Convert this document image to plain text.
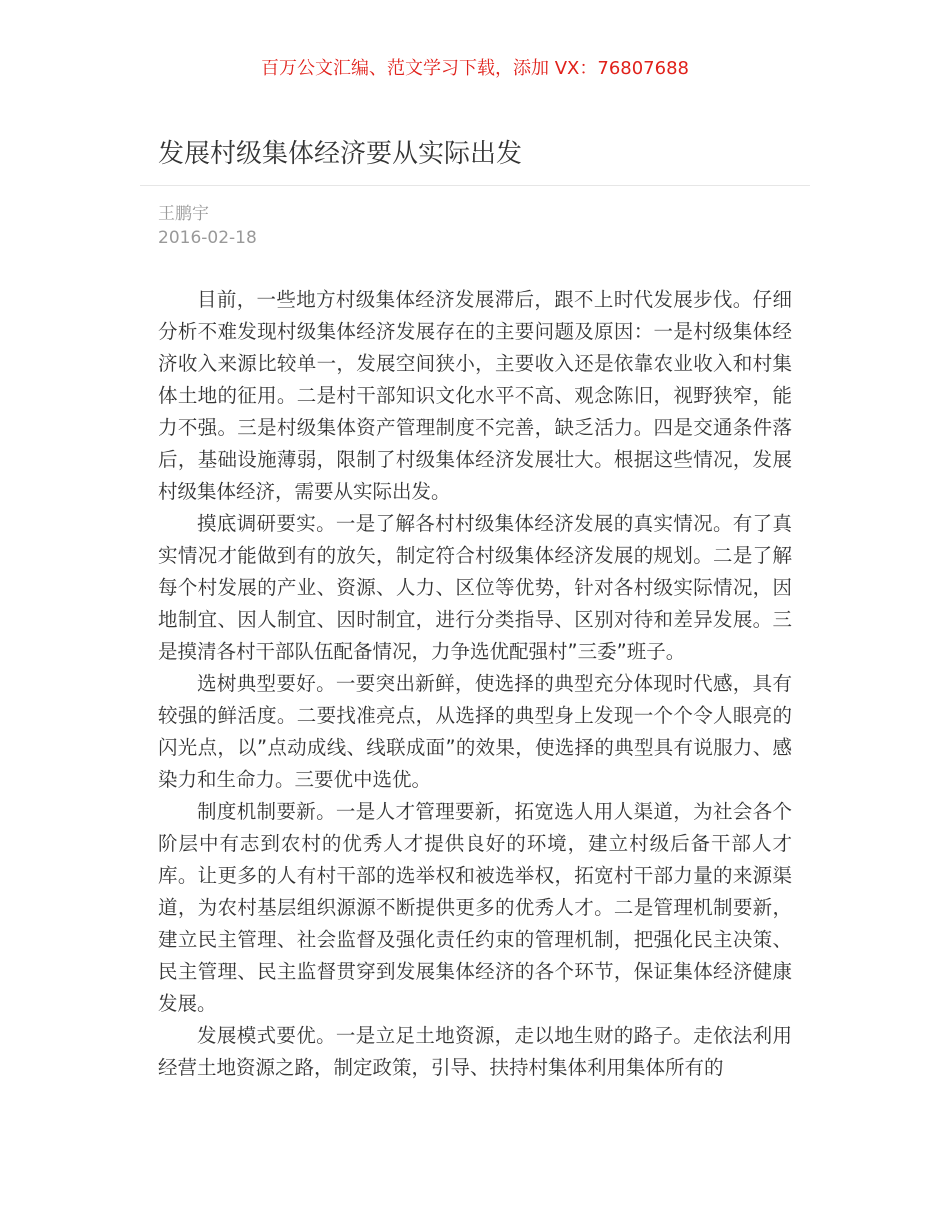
百万公文汇编、范文学习下载，添加 VX：76807688
发展村级集体经济要从实际出发
王鹏宇
2016-02-18

目前，一些地方村级集体经济发展滞后，跟不上时代发展步伐。仔细分析不难发现村级集体经济发展存在的主要问题及原因：一是村级集体经济收入来源比较单一，发展空间狭小，主要收入还是依靠农业收入和村集体土地的征用。二是村干部知识文化水平不高、观念陈旧，视野狭窄，能力不强。三是村级集体资产管理制度不完善，缺乏活力。四是交通条件落后，基础设施薄弱，限制了村级集体经济发展壮大。根据这些情况，发展村级集体经济，需要从实际出发。

摸底调研要实。一是了解各村村级集体经济发展的真实情况。有了真实情况才能做到有的放矢，制定符合村级集体经济发展的规划。二是了解每个村发展的产业、资源、人力、区位等优势，针对各村级实际情况，因地制宜、因人制宜、因时制宜，进行分类指导、区别对待和差异发展。三是摸清各村干部队伍配备情况，力争选优配强村”三委”班子。

选树典型要好。一要突出新鲜，使选择的典型充分体现时代感，具有较强的鲜活度。二要找准亮点，从选择的典型身上发现一个个令人眼亮的闪光点，以”点动成线、线联成面”的效果，使选择的典型具有说服力、感染力和生命力。三要优中选优。

制度机制要新。一是人才管理要新，拓宽选人用人渠道，为社会各个阶层中有志到农村的优秀人才提供良好的环境，建立村级后备干部人才库。让更多的人有村干部的选举权和被选举权，拓宽村干部力量的来源渠道，为农村基层组织源源不断提供更多的优秀人才。二是管理机制要新，建立民主管理、社会监督及强化责任约束的管理机制，把强化民主决策、民主管理、民主监督贯穿到发展集体经济的各个环节，保证集体经济健康发展。

发展模式要优。一是立足土地资源，走以地生财的路子。走依法利用经营土地资源之路，制定政策，引导、扶持村集体利用集体所有的
